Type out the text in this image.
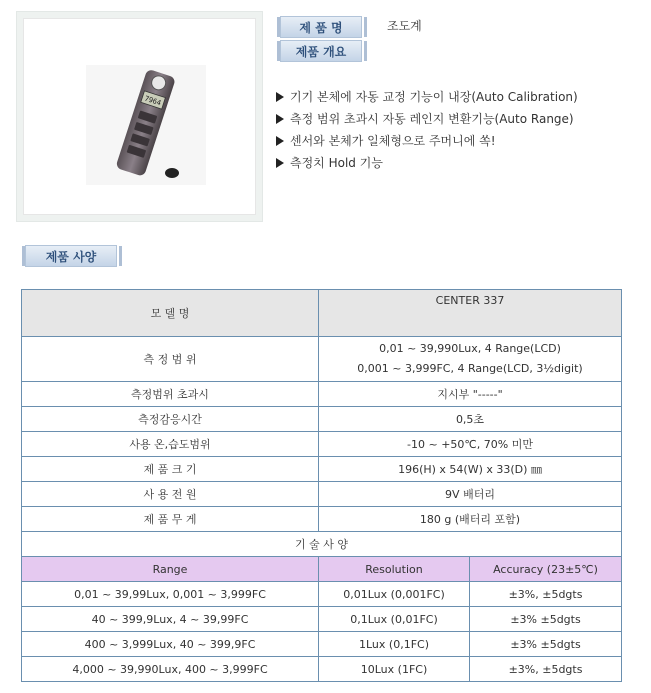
7964
제 품 명	조도계
제품 개요
기기 본체에 자동 교정 기능이 내장(Auto Calibration)
측정 범위 초과시 자동 레인지 변환기능(Auto Range)
센서와 본체가 일체형으로 주머니에 쏙!
측정치 Hold 기능
제품 사양
모 델 명	CENTER 337	
측 정 범 위	0,01 ~ 39,990Lux, 4 Range(LCD)
0,001 ~ 3,999FC, 4 Range(LCD, 3½digit)	

측정범위 초과시	지시부 "-----"	
측정감응시간	0,5초	
사용 온,습도범위	-10 ~ +50℃, 70% 미만	
제 품 크 기	196(H) x 54(W) x 33(D) ㎜	
사 용 전 원	9V 배터리	
제 품 무 게	180 g (배터리 포함)	
기 술 사 양		
Range	Resolution	Accuracy (23±5℃)
0,01 ~ 39,99Lux, 0,001 ~ 3,999FC	0,01Lux (0,001FC)	±3%, ±5dgts
40 ~ 399,9Lux, 4 ~ 39,99FC	0,1Lux (0,01FC)	±3% ±5dgts
400 ~ 3,999Lux, 40 ~ 399,9FC	1Lux (0,1FC)	±3% ±5dgts
4,000 ~ 39,990Lux, 400 ~ 3,999FC	10Lux (1FC)	±3%, ±5dgts
